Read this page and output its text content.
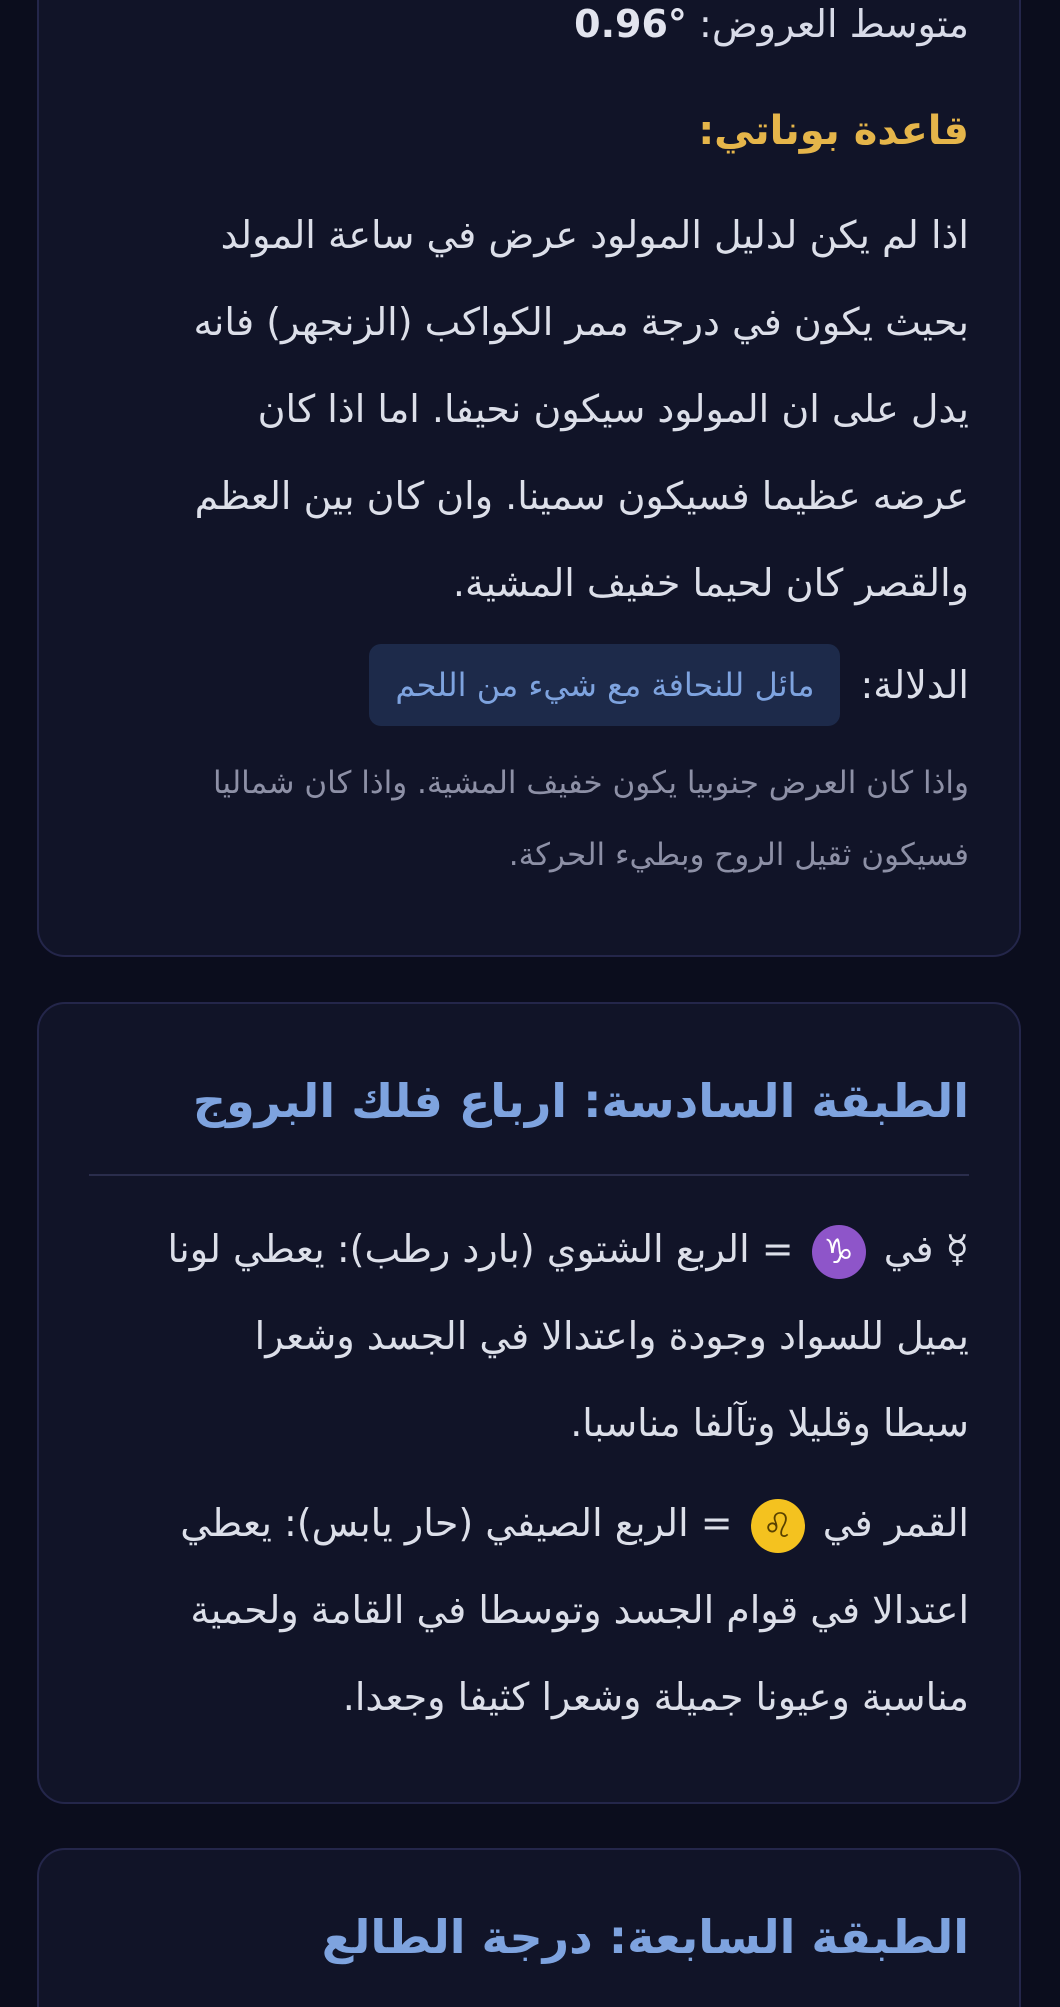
متوسط العروض: 0.96°
قاعدة بوناتي:
اذا لم يكن لدليل المولود عرض في ساعة المولد
بحيث يكون في درجة ممر الكواكب (الزنجهر) فانه
يدل على ان المولود سيكون نحيفا. اما اذا كان
عرضه عظيما فسيكون سمينا. وان كان بين العظم
والقصر كان لحيما خفيف المشية.
الدلالة:
مائل للنحافة مع شيء من اللحم
واذا كان العرض جنوبيا يكون خفيف المشية. واذا كان شماليا
فسيكون ثقيل الروح وبطيء الحركة.
الطبقة السادسة: ارباع فلك البروج
☿ في ♑ = الربع الشتوي (بارد رطب): يعطي لونا
يميل للسواد وجودة واعتدالا في الجسد وشعرا
سبطا وقليلا وتآلفا مناسبا.
القمر في ♌ = الربع الصيفي (حار يابس): يعطي
اعتدالا في قوام الجسد وتوسطا في القامة ولحمية
مناسبة وعيونا جميلة وشعرا كثيفا وجعدا.
الطبقة السابعة: درجة الطالع
